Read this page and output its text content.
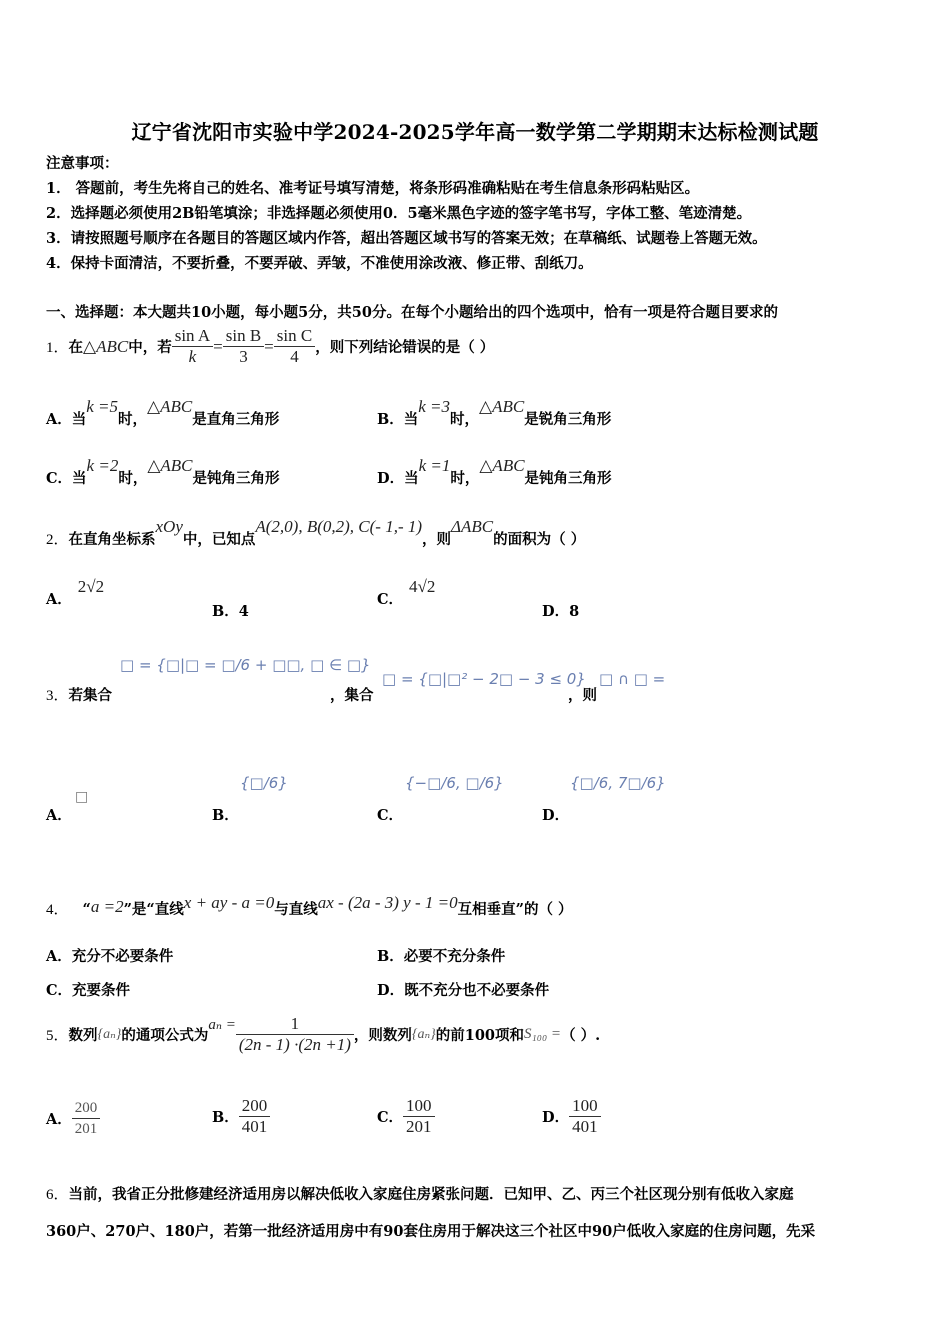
辽宁省沈阳市实验中学2024-2025学年高一数学第二学期期末达标检测试题
注意事项：
1． 答题前，考生先将自己的姓名、准考证号填写清楚，将条形码准确粘贴在考生信息条形码粘贴区。
2．选择题必须使用2B铅笔填涂；非选择题必须使用0．5毫米黑色字迹的签字笔书写，字体工整、笔迹清楚。
3．请按照题号顺序在各题目的答题区域内作答，超出答题区域书写的答案无效；在草稿纸、试题卷上答题无效。
4．保持卡面清洁，不要折叠，不要弄破、弄皱，不准使用涂改液、修正带、刮纸刀。
一、选择题：本大题共10小题，每小题5分，共50分。在每个小题给出的四个选项中，恰有一项是符合题目要求的
1． 在 △ABC 中，若 $\frac{\text{sin A}}{k} = \frac{\text{sin B}}{3} = \frac{\text{sin C}}{4}$ ，则下列结论错误的是（ ）
A．当k =5时，△ABC是直角三角形	B．当k =3时，△ABC是锐角三角形
C．当k =2时，△ABC是钝角三角形	D．当k =1时，△ABC是钝角三角形
2．在直角坐标系xOy中，已知点A(2,0), B(0,2), C(- 1,- 1)，则ΔABC的面积为（ ）
A．2√2
B．4
C．4√2
D．8
3．若集合
□ = {□|□ = □/6 + □□, □ ∈ □}
，集合
□ = {□|□² − 2□ − 3 ≤ 0}
，则
□ ∩ □ =
A．
□
B．
{□/6}
C．
{−□/6, □/6}
D．
{□/6, 7□/6}
4． “a =2”是“直线x + ay - a =0与直线ax - (2a - 3) y - 1 =0互相垂直”的（ ）
A．充分不必要条件	B．必要不充分条件
C．充要条件	D．既不充分也不必要条件
5． 数列 {aₙ} 的通项公式为
$a_n = \frac{1}{(2n - 1) \cdot(2n +1)}$ ，则数列 {aₙ} 的前100项和 S₁₀₀ = （ ）.
A． $\frac{200}{201}$	B． $\frac{200}{401}$	C． $\frac{100}{201}$	D． $\frac{100}{401}$
6．当前，我省正分批修建经济适用房以解决低收入家庭住房紧张问题．已知甲、乙、丙三个社区现分别有低收入家庭
360户、270户、180户，若第一批经济适用房中有90套住房用于解决这三个社区中90户低收入家庭的住房问题，先采
